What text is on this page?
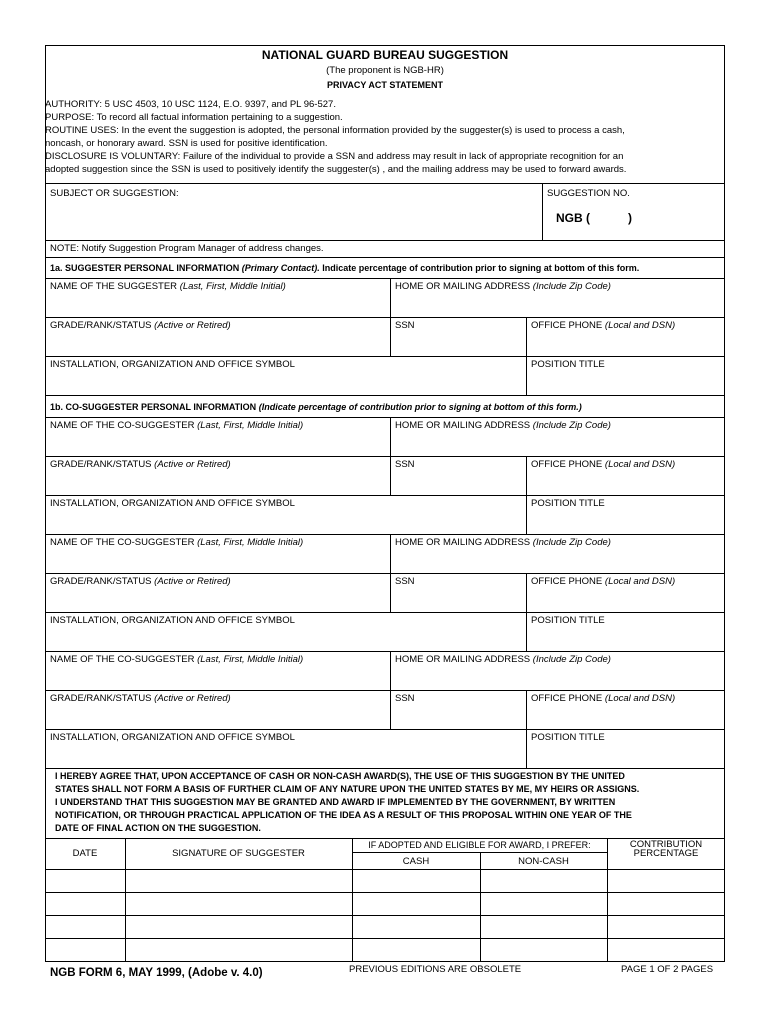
NATIONAL GUARD BUREAU SUGGESTION
(The proponent is NGB-HR)
PRIVACY ACT STATEMENT
AUTHORITY: 5 USC 4503, 10 USC 1124, E.O. 9397, and PL 96-527.
PURPOSE: To record all factual information pertaining to a suggestion.
ROUTINE USES: In the event the suggestion is adopted, the personal information provided by the suggester(s) is used to process a cash,
noncash, or honorary award. SSN is used for positive identification.
DISCLOSURE IS VOLUNTARY: Failure of the individual to provide a SSN and address may result in lack of appropriate recognition for an
adopted suggestion since the SSN is used to positively identify the suggester(s) , and the mailing address may be used to forward awards.
SUBJECT OR SUGGESTION:	SUGGESTION NO.
NGB (	)
NOTE: Notify Suggestion Program Manager of address changes.
1a. SUGGESTER PERSONAL INFORMATION (Primary Contact). Indicate percentage of contribution prior to signing at bottom of this form.
NAME OF THE SUGGESTER (Last, First, Middle Initial)	HOME OR MAILING ADDRESS (Include Zip Code)
GRADE/RANK/STATUS (Active or Retired)	SSN	OFFICE PHONE (Local and DSN)
INSTALLATION, ORGANIZATION AND OFFICE SYMBOL	POSITION TITLE
1b. CO-SUGGESTER PERSONAL INFORMATION (Indicate percentage of contribution prior to signing at bottom of this form.)
NAME OF THE CO-SUGGESTER (Last, First, Middle Initial)	HOME OR MAILING ADDRESS (Include Zip Code)
GRADE/RANK/STATUS (Active or Retired)	SSN	OFFICE PHONE (Local and DSN)
INSTALLATION, ORGANIZATION AND OFFICE SYMBOL	POSITION TITLE
NAME OF THE CO-SUGGESTER (Last, First, Middle Initial)	HOME OR MAILING ADDRESS (Include Zip Code)
GRADE/RANK/STATUS (Active or Retired)	SSN	OFFICE PHONE (Local and DSN)
INSTALLATION, ORGANIZATION AND OFFICE SYMBOL	POSITION TITLE
NAME OF THE CO-SUGGESTER (Last, First, Middle Initial)	HOME OR MAILING ADDRESS (Include Zip Code)
GRADE/RANK/STATUS (Active or Retired)	SSN	OFFICE PHONE (Local and DSN)
INSTALLATION, ORGANIZATION AND OFFICE SYMBOL	POSITION TITLE
I HEREBY AGREE THAT, UPON ACCEPTANCE OF CASH OR NON-CASH AWARD(S), THE USE OF THIS SUGGESTION BY THE UNITED
STATES SHALL NOT FORM A BASIS OF FURTHER CLAIM OF ANY NATURE UPON THE UNITED STATES BY ME, MY HEIRS OR ASSIGNS.
I UNDERSTAND THAT THIS SUGGESTION MAY BE GRANTED AND AWARD IF IMPLEMENTED BY THE GOVERNMENT, BY WRITTEN
NOTIFICATION, OR THROUGH PRACTICAL APPLICATION OF THE IDEA AS A RESULT OF THIS PROPOSAL WITHIN ONE YEAR OF THE
DATE OF FINAL ACTION ON THE SUGGESTION.
DATE	SIGNATURE OF SUGGESTER
IF ADOPTED AND ELIGIBLE FOR AWARD, I PREFER:
CASH	NON-CASH
CONTRIBUTION
PERCENTAGE
NGB FORM 6, MAY 1999, (Adobe v. 4.0)	PREVIOUS EDITIONS ARE OBSOLETE	PAGE 1 OF 2 PAGES
